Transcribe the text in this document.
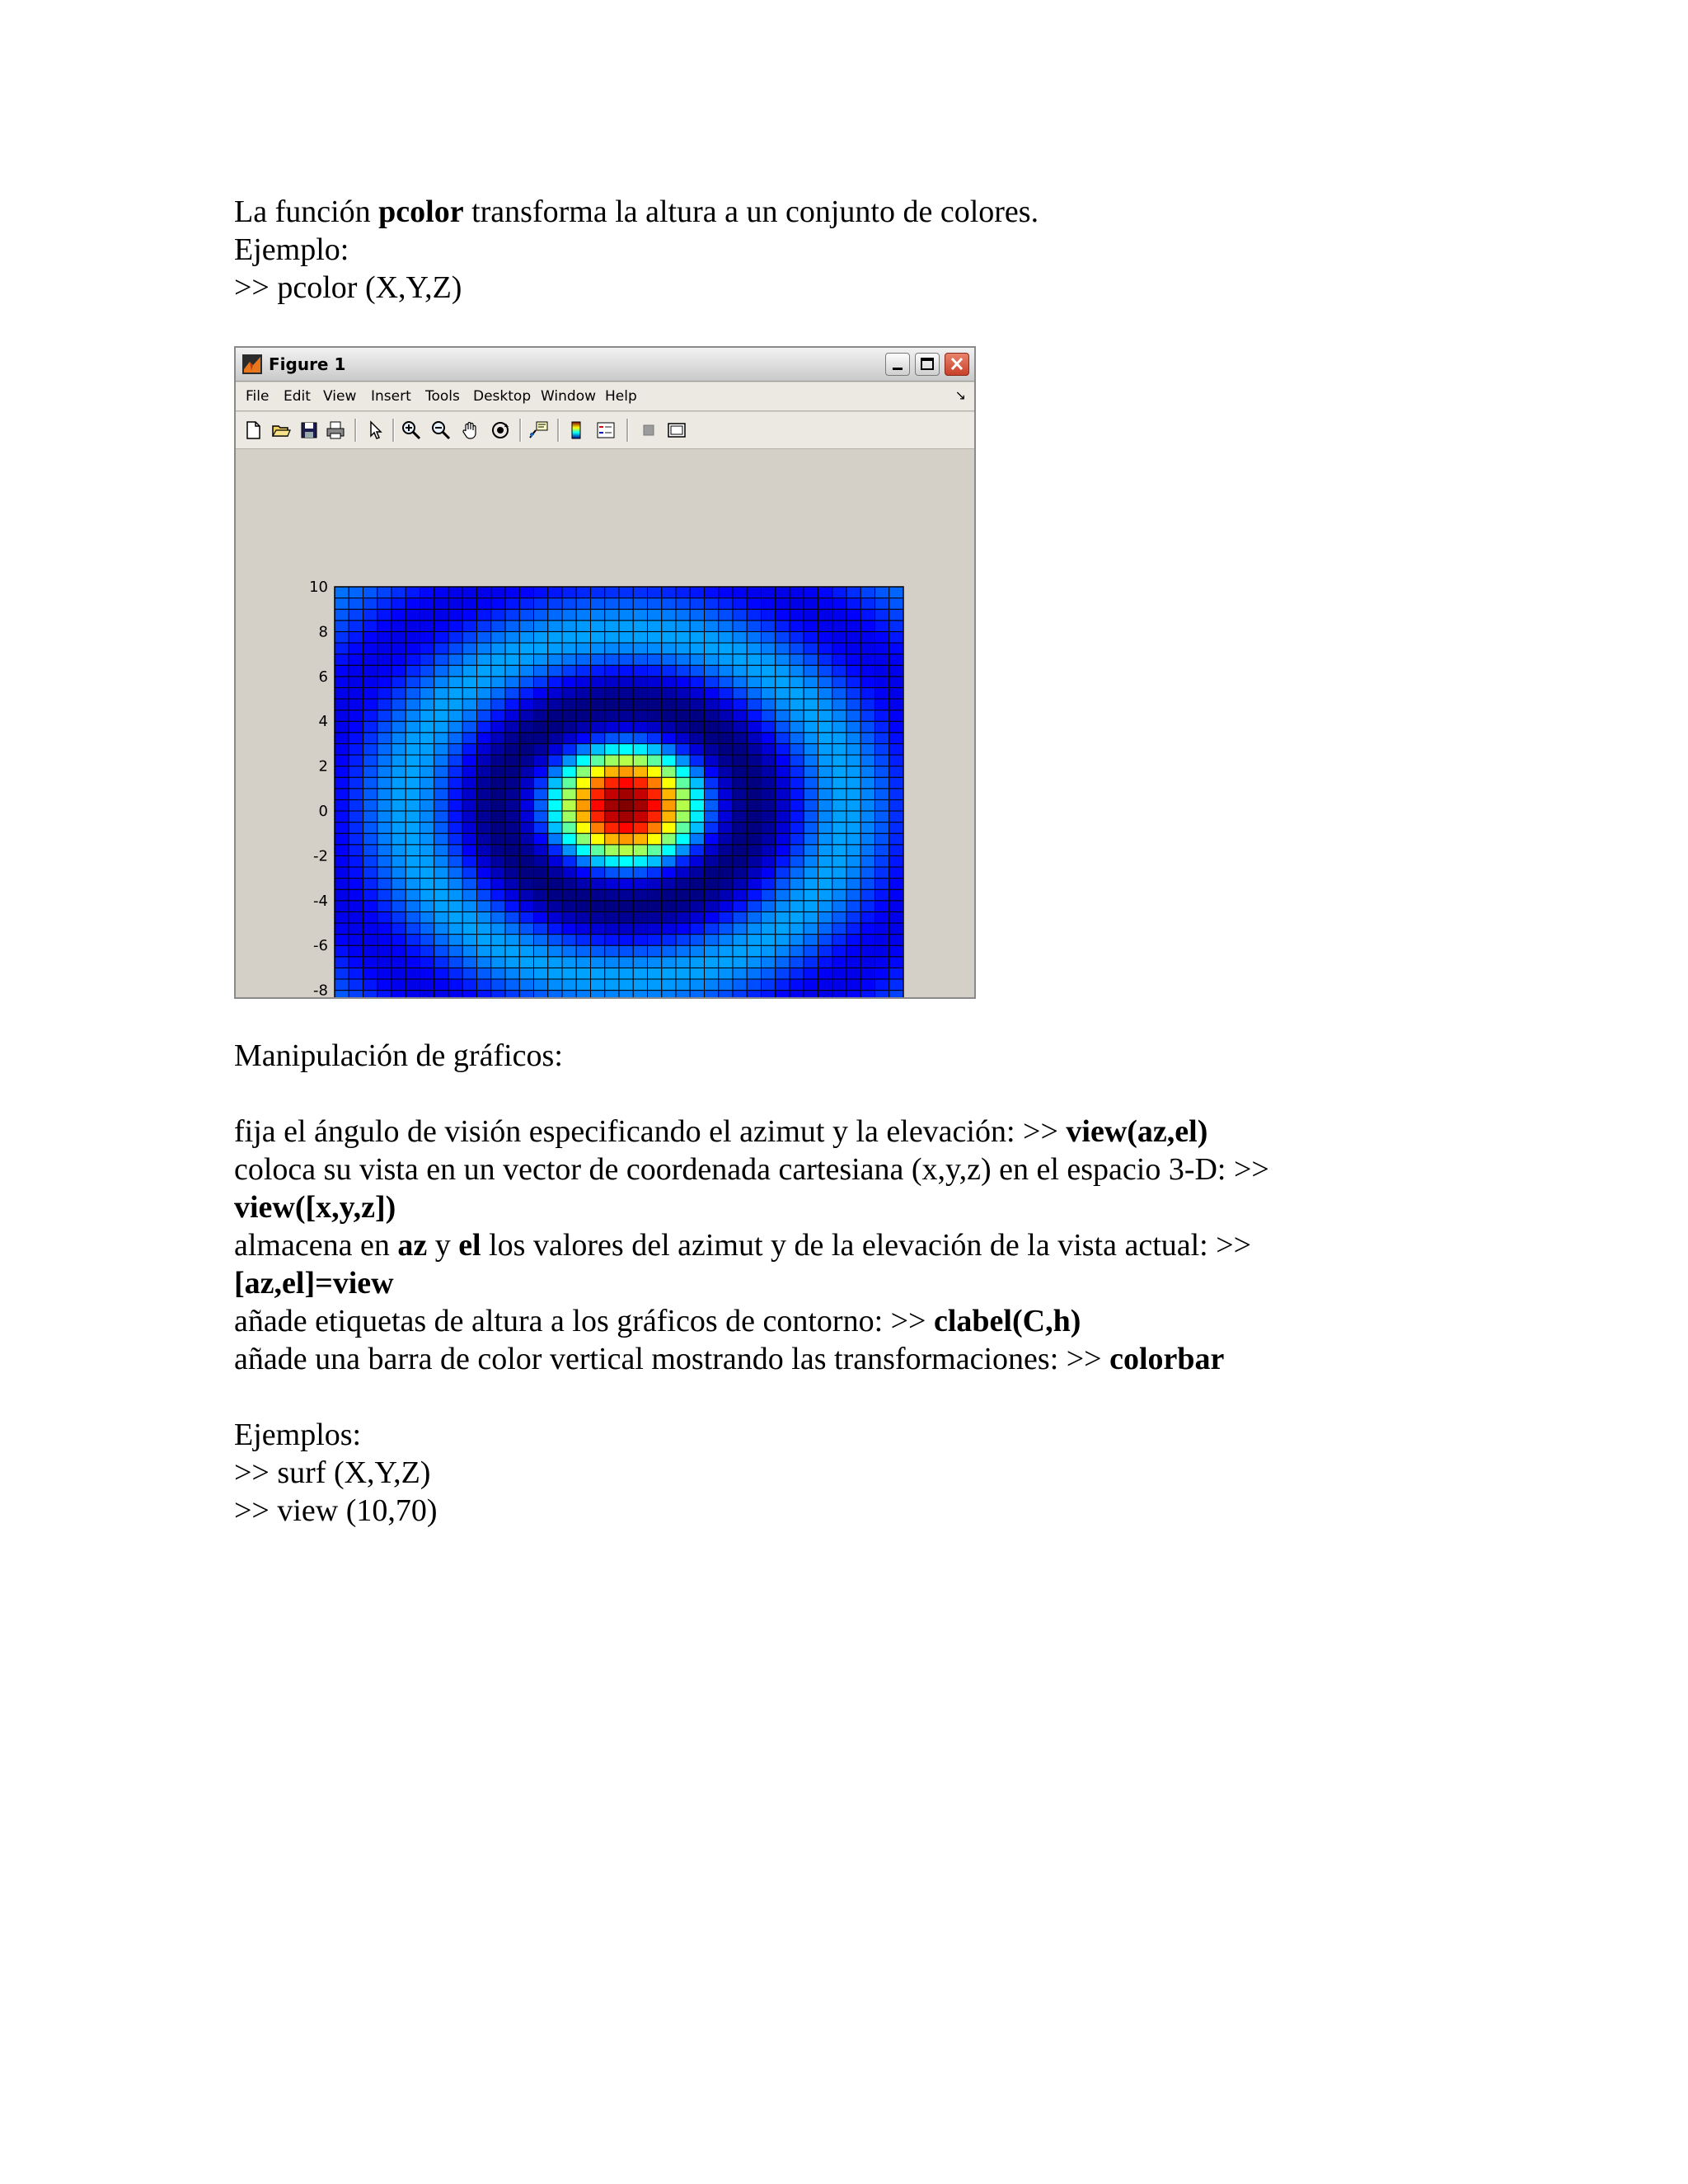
La función pcolor transforma la altura a un conjunto de colores.
Ejemplo:
>> pcolor (X,Y,Z)
Figure 1
File Edit View Insert Tools Desktop Window Help	↘
10
8
6
4
2
0
-2
-4
-6
-8
Manipulación de gráficos:
fija el ángulo de visión especificando el azimut y la elevación: >> view(az,el)
coloca su vista en un vector de coordenada cartesiana (x,y,z) en el espacio 3-D: >>
view([x,y,z])
almacena en az y el los valores del azimut y de la elevación de la vista actual: >>
[az,el]=view
añade etiquetas de altura a los gráficos de contorno: >> clabel(C,h)
añade una barra de color vertical mostrando las transformaciones: >> colorbar
Ejemplos:
>> surf (X,Y,Z)
>> view (10,70)
